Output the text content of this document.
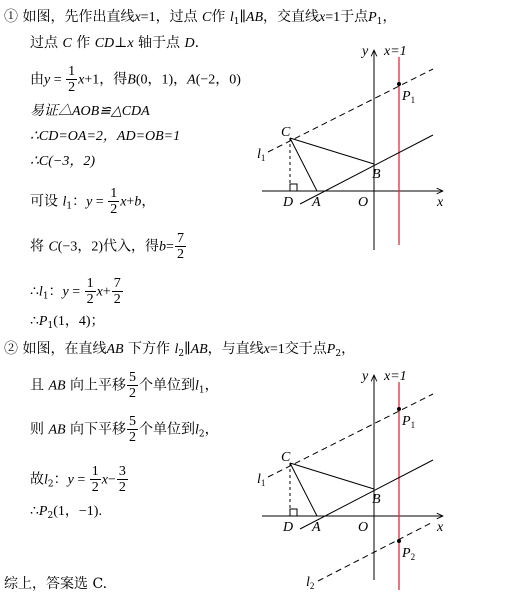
① 如图，先作出直线x=1，过点 C作 $l_1\parallel AB$，交直线x=1于点$P_1$，
过点 C 作 CD⊥x 轴于点 D.
由$y = \frac{1}{2} x+1$，得B(0，1)，A(−2，0)
易证△AOB≌△CDA
∴CD=OA=2，AD=OB=1
∴C(−3，2)
可设 $l_1$：$y = \frac{1}{2} x+b$，
将 C(−3，2)代入，得$b= \frac{7}{2}$
$\therefore l_1$：$y = \frac{1}{2} x+ \frac{7}{2}$
$\therefore P_1(1$，4)；
② 如图，在直线AB 下方作 $l_2\parallel AB$，与直线x=1交于点$P_2$，
且 AB 向上平移 $\frac{5}{2}$ 个单位到$l_1$，
则 AB 向下平移 $\frac{5}{2}$ 个单位到$l_2$，
故$l_2$：$y = \frac{1}{2} x- \frac{3}{2}$
$\therefore P_2(1$，−1).
综上，答案选 C.
y
x
x=1
$P_1$
C
$l_1$
B
D A	O
y
x
x=1
$P_1$
C
$l_1$
B
D A	O
$P_2$
$l_2$
